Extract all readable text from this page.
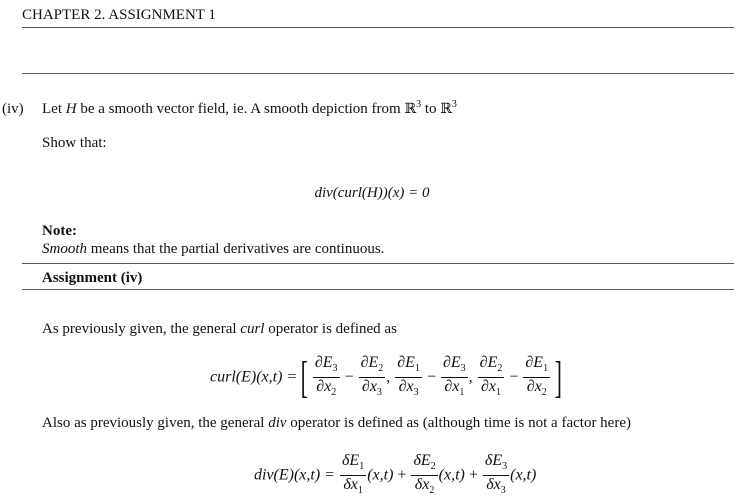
CHAPTER 2. ASSIGNMENT 1
(iv) Let H be a smooth vector field, ie. A smooth depiction from ℝ$^3$ to ℝ$^3$
Show that:
div(curl(H))(x) = 0
Note:
Smooth means that the partial derivatives are continuous.
Assignment (iv)
As previously given, the general curl operator is defined as
curl(E)(x,t) = [ $\frac{\partial E_3}{\partial x_2} - \frac{\partial E_2}{\partial x_3}$ , $\frac{\partial E_1}{\partial x_3} - \frac{\partial E_3}{\partial x_1}$ , $\frac{\partial E_2}{\partial x_1} - \frac{\partial E_1}{\partial x_2}$ ]
Also as previously given, the general div operator is defined as (although time is not a factor here)
$div(E)(x,t) = \frac{\delta E_1}{\delta x_1} (x,t) + \frac{\delta E_2}{\delta x_2} (x,t) + \frac{\delta E_3}{\delta x_3} (x,t)$
